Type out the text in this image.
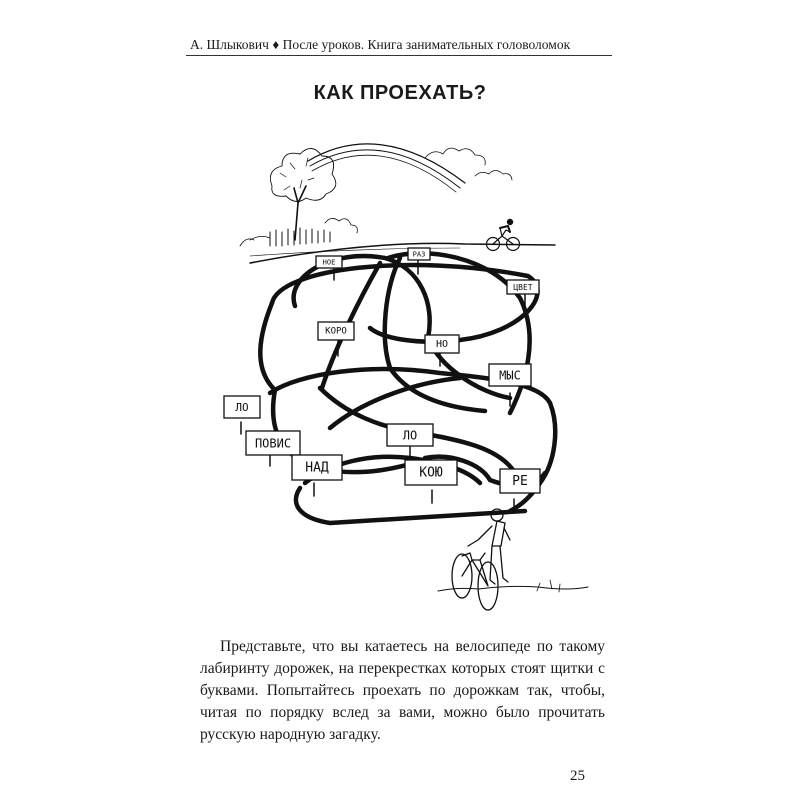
А. Шлыкович ♦ После уроков. Книга занимательных головоломок
КАК ПРОЕХАТЬ?
НОЕ
РАЗ
ЦВЕТ
КОРО
НО
МЫС
ЛО
ЛО
ПОВИС
НАД	КОЮ
РЕ

Представьте, что вы катаетесь на велосипеде по такому лабиринту дорожек, на перекрестках которых стоят щитки с буквами. Попытайтесь проехать по дорожкам так, чтобы, читая по порядку вслед за вами, можно было прочитать русскую народную загадку.

25
